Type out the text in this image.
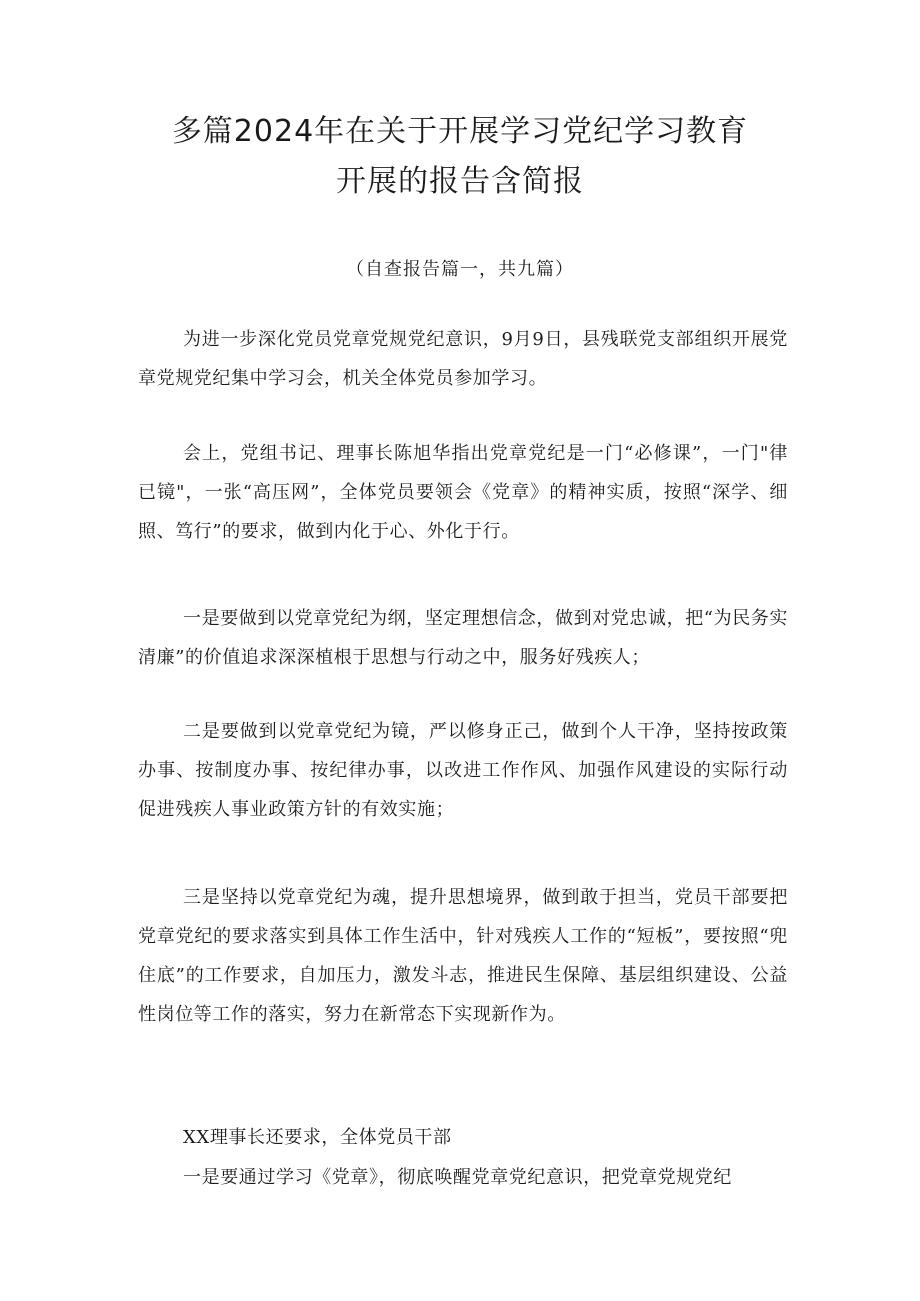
多篇2024年在关于开展学习党纪学习教育
开展的报告含简报
（自查报告篇一，共九篇）

为进一步深化党员党章党规党纪意识，9月9日，县残联党支部组织开展党章党规党纪集中学习会，机关全体党员参加学习。

会上，党组书记、理事长陈旭华指出党章党纪是一门“必修课”，一门"律已镜"，一张“高压网”，全体党员要领会《党章》的精神实质，按照“深学、细照、笃行”的要求，做到内化于心、外化于行。

一是要做到以党章党纪为纲，坚定理想信念，做到对党忠诚，把“为民务实清廉”的价值追求深深植根于思想与行动之中，服务好残疾人；

二是要做到以党章党纪为镜，严以修身正己，做到个人干净，坚持按政策办事、按制度办事、按纪律办事，以改进工作作风、加强作风建设的实际行动促进残疾人事业政策方针的有效实施；

三是坚持以党章党纪为魂，提升思想境界，做到敢于担当，党员干部要把党章党纪的要求落实到具体工作生活中，针对残疾人工作的“短板”，要按照“兜住底”的工作要求，自加压力，激发斗志，推进民生保障、基层组织建设、公益性岗位等工作的落实，努力在新常态下实现新作为。

XX理事长还要求，全体党员干部

一是要通过学习《党章》，彻底唤醒党章党纪意识，把党章党规党纪
